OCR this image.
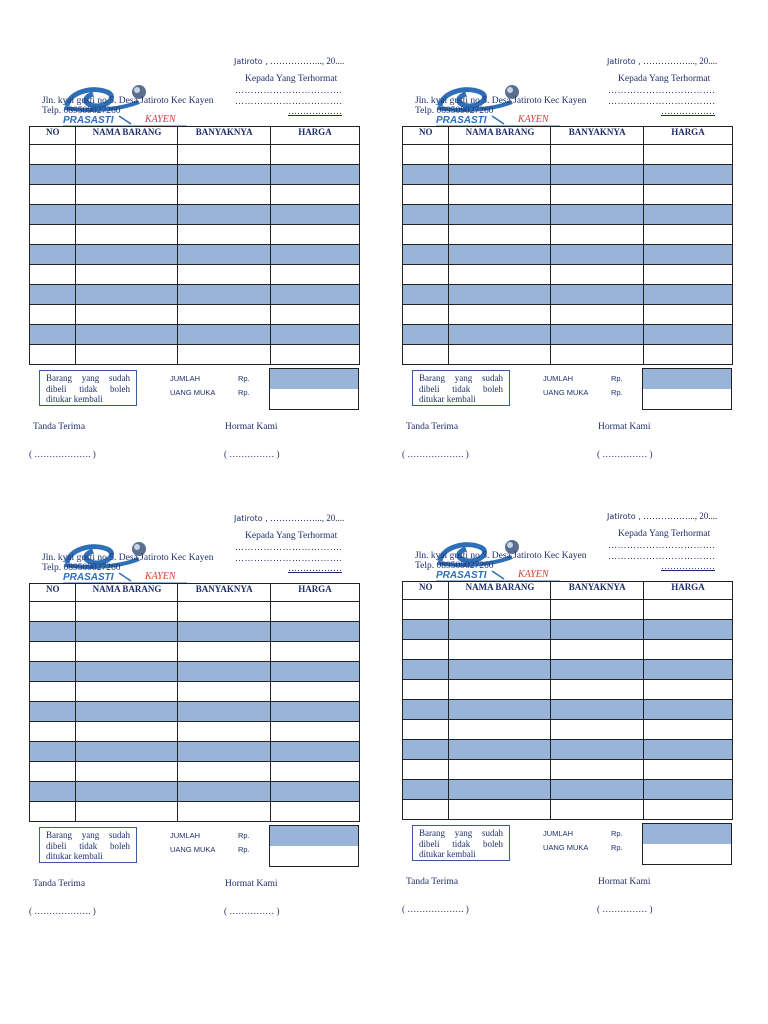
PRASASTI	KAYEN
Jatiroto , ……………..., 20....
Kepada Yang Terhormat
…………………………….
…………………………….
………………
Jln. kyai gusti no 5. Desa Jatiroto Kec Kayen
Telp. 089509027260
NO	NAMA BARANG	BANYAKNYA	HARGA

Barang yang sudah dibeli tidak boleh ditukar kembali
JUMLAH
UANG MUKA
Rp.
Rp.
Tanda Terima	Hormat Kami
( ………………. )	( …………… )
PRASASTI	KAYEN
Jatiroto , ……………..., 20....
Kepada Yang Terhormat
…………………………….
…………………………….
………………
Jln. kyai gusti no 5. Desa Jatiroto Kec Kayen
Telp. 089509027260
NO	NAMA BARANG	BANYAKNYA	HARGA

Barang yang sudah dibeli tidak boleh ditukar kembali
JUMLAH
UANG MUKA
Rp.
Rp.
Tanda Terima	Hormat Kami
( ………………. )	( …………… )
PRASASTI	KAYEN
Jatiroto , ……………..., 20....
Kepada Yang Terhormat
…………………………….
…………………………….
………………
Jln. kyai gusti no 5. Desa Jatiroto Kec Kayen
Telp. 089509027260
NO	NAMA BARANG	BANYAKNYA	HARGA

Barang yang sudah dibeli tidak boleh ditukar kembali
JUMLAH
UANG MUKA
Rp.
Rp.
Tanda Terima	Hormat Kami
( ………………. )	( …………… )
PRASASTI	KAYEN
Jatiroto , ……………..., 20....
Kepada Yang Terhormat
…………………………….
…………………………….
………………
Jln. kyai gusti no 5. Desa Jatiroto Kec Kayen
Telp. 089509027260
NO	NAMA BARANG	BANYAKNYA	HARGA

Barang yang sudah dibeli tidak boleh ditukar kembali
JUMLAH
UANG MUKA
Rp.
Rp.
Tanda Terima	Hormat Kami
( ………………. )	( …………… )
